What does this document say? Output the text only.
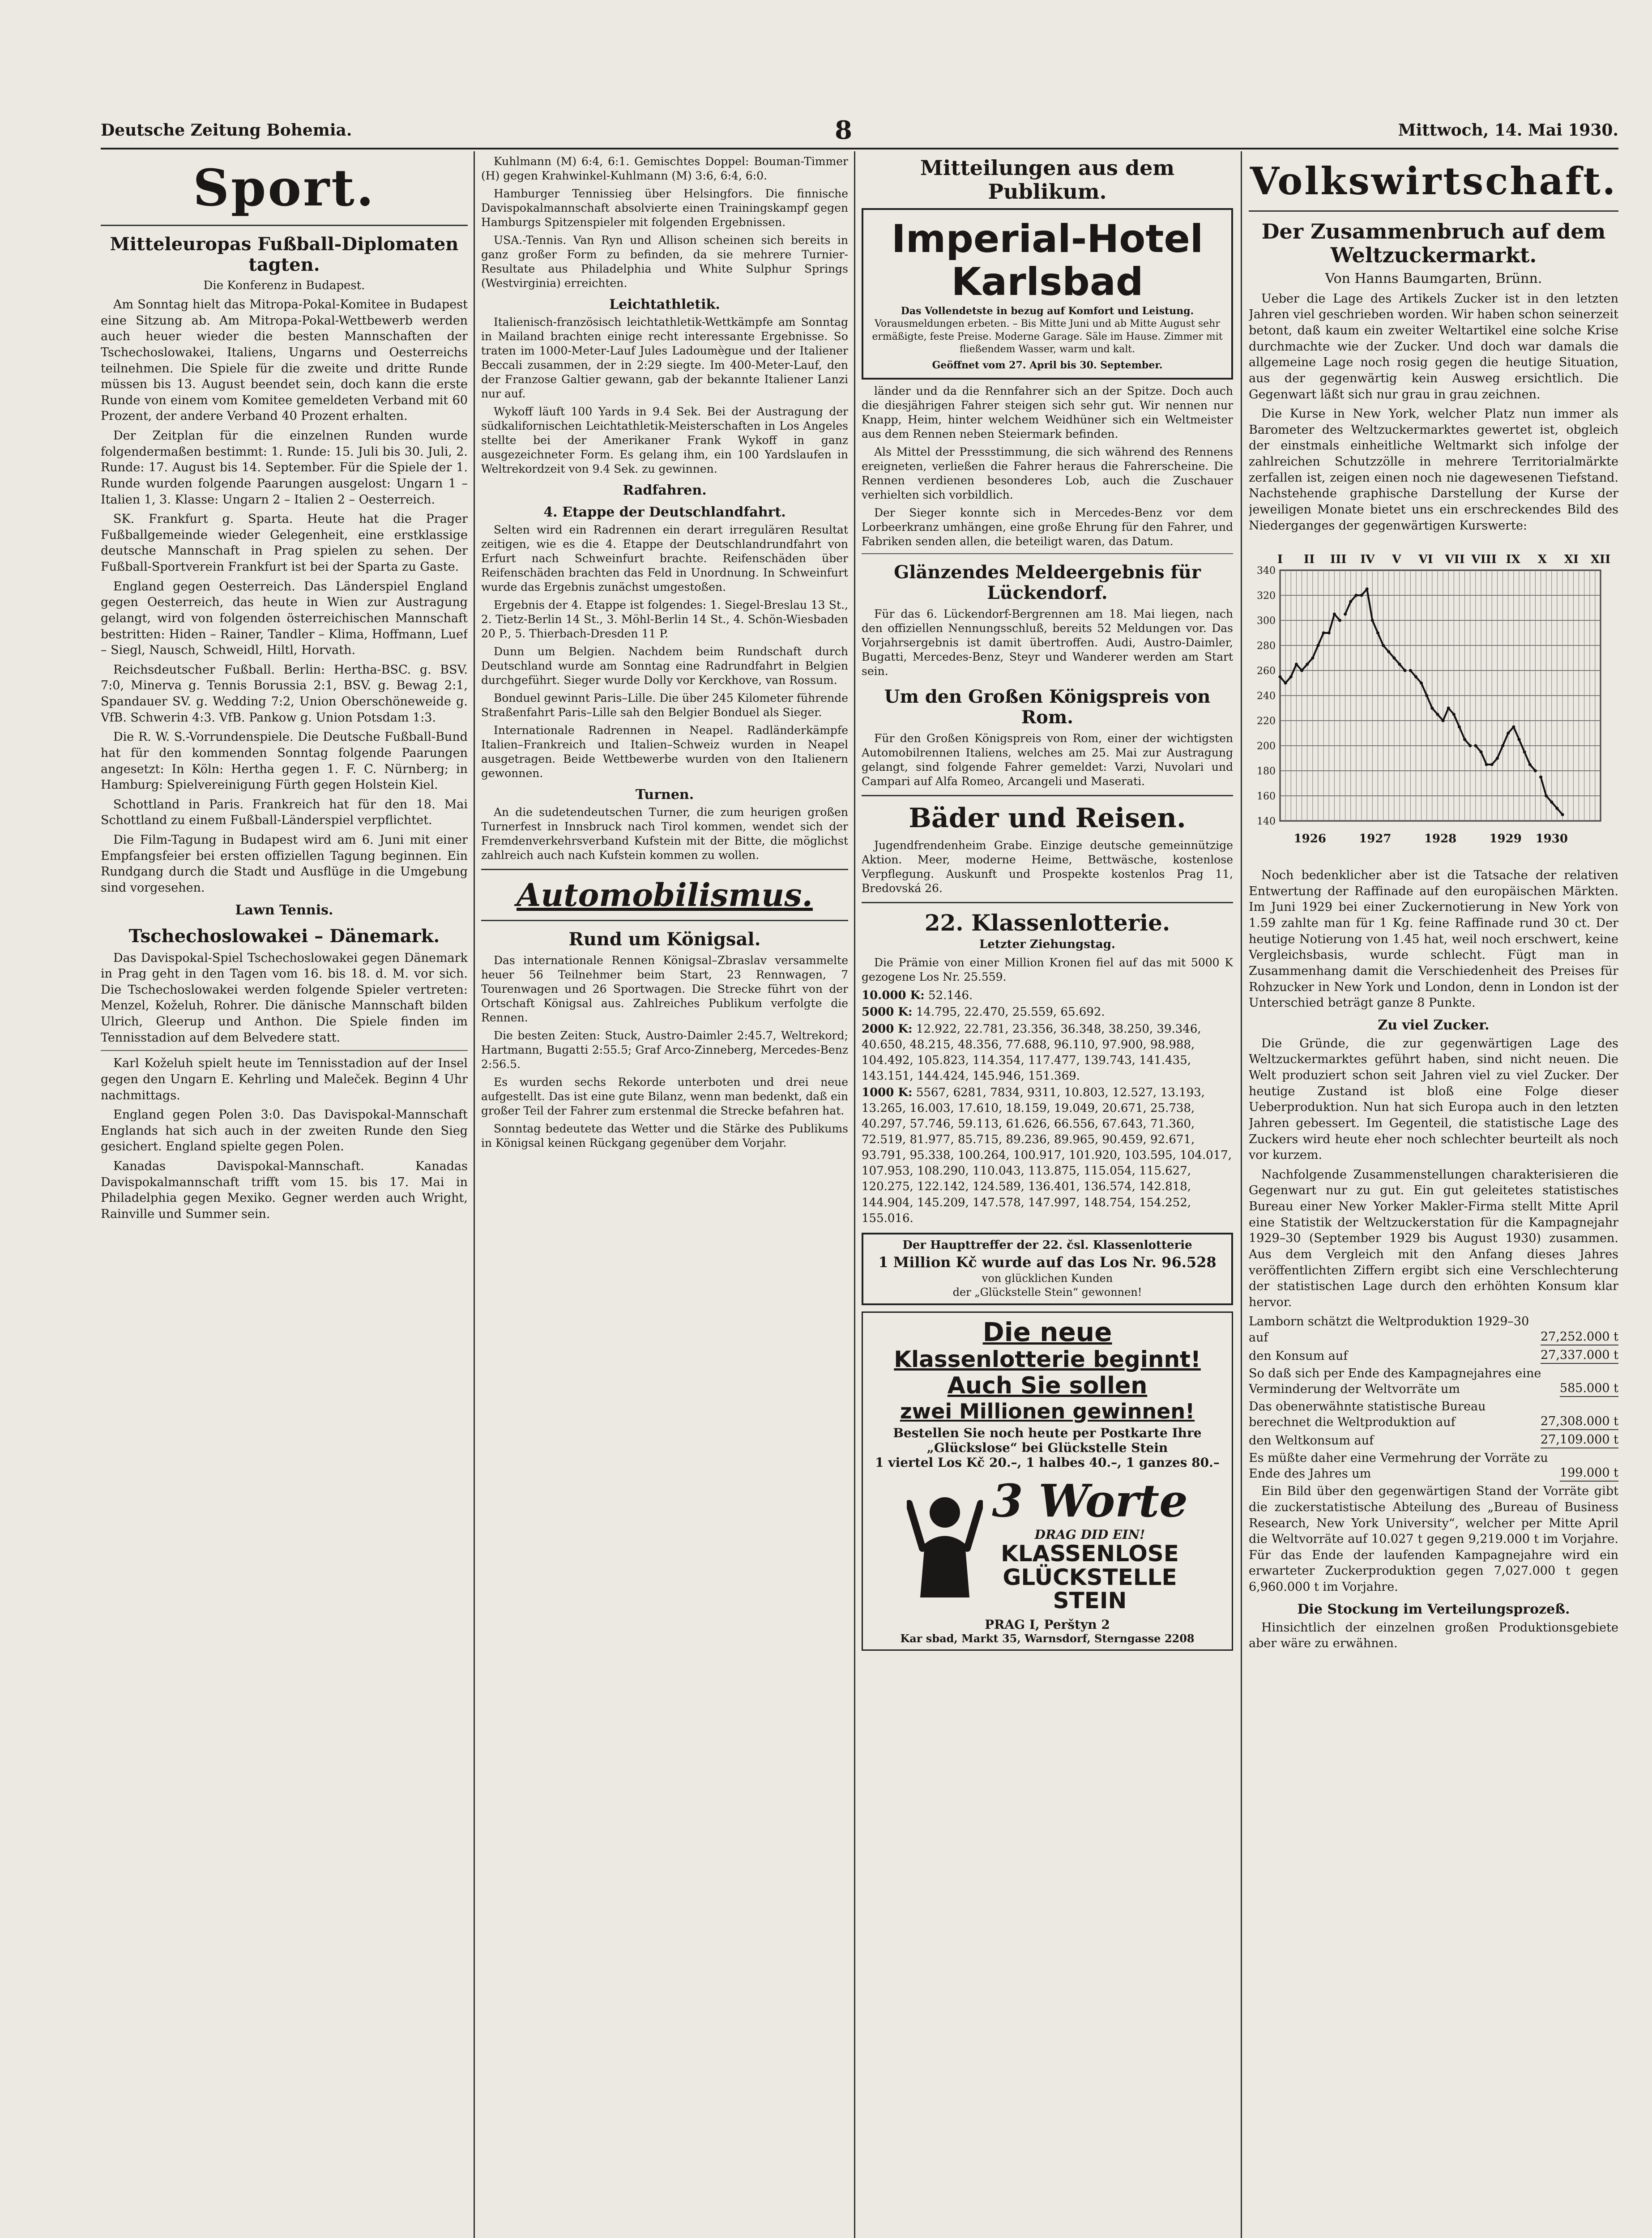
Deutsche Zeitung Bohemia.	8	Mittwoch, 14. Mai 1930.
Sport.
Mitteleuropas Fußball-Diplomaten tagten.
Die Konferenz in Budapest.

Am Sonntag hielt das Mitropa-Pokal-Komitee in Budapest eine Sitzung ab. Am Mitropa-Pokal-Wettbewerb werden auch heuer wieder die besten Mannschaften der Tschechoslowakei, Italiens, Ungarns und Oesterreichs teilnehmen. Die Spiele für die zweite und dritte Runde müssen bis 13. August beendet sein, doch kann die erste Runde von einem vom Komitee gemeldeten Verband mit 60 Prozent, der andere Verband 40 Prozent erhalten.

Der Zeitplan für die einzelnen Runden wurde folgendermaßen bestimmt: 1. Runde: 15. Juli bis 30. Juli, 2. Runde: 17. August bis 14. September. Für die Spiele der 1. Runde wurden folgende Paarungen ausgelost: Ungarn 1 – Italien 1, 3. Klasse: Ungarn 2 – Italien 2 – Oesterreich.

SK. Frankfurt g. Sparta. Heute hat die Prager Fußballgemeinde wieder Gelegenheit, eine erstklassige deutsche Mannschaft in Prag spielen zu sehen. Der Fußball-Sportverein Frankfurt ist bei der Sparta zu Gaste.

England gegen Oesterreich. Das Länderspiel England gegen Oesterreich, das heute in Wien zur Austragung gelangt, wird von folgenden österreichischen Mannschaft bestritten: Hiden – Rainer, Tandler – Klima, Hoffmann, Luef – Siegl, Nausch, Schweidl, Hiltl, Horvath.

Reichsdeutscher Fußball. Berlin: Hertha-BSC. g. BSV. 7:0, Minerva g. Tennis Borussia 2:1, BSV. g. Bewag 2:1, Spandauer SV. g. Wedding 7:2, Union Oberschöneweide g. VfB. Schwerin 4:3. VfB. Pankow g. Union Potsdam 1:3.

Die R. W. S.-Vorrundenspiele. Die Deutsche Fußball-Bund hat für den kommenden Sonntag folgende Paarungen angesetzt: In Köln: Hertha gegen 1. F. C. Nürnberg; in Hamburg: Spielvereinigung Fürth gegen Holstein Kiel.

Schottland in Paris. Frankreich hat für den 18. Mai Schottland zu einem Fußball-Länderspiel verpflichtet.

Die Film-Tagung in Budapest wird am 6. Juni mit einer Empfangsfeier bei ersten offiziellen Tagung beginnen. Ein Rundgang durch die Stadt und Ausflüge in die Umgebung sind vorgesehen.

Lawn Tennis.
Tschechoslowakei – Dänemark.

Das Davispokal-Spiel Tschechoslowakei gegen Dänemark in Prag geht in den Tagen vom 16. bis 18. d. M. vor sich. Die Tschechoslowakei werden folgende Spieler vertreten: Menzel, Koželuh, Rohrer. Die dänische Mannschaft bilden Ulrich, Gleerup und Anthon. Die Spiele finden im Tennisstadion auf dem Belvedere statt.

Karl Koželuh spielt heute im Tennisstadion auf der Insel gegen den Ungarn E. Kehrling und Maleček. Beginn 4 Uhr nachmittags.

England gegen Polen 3:0. Das Davispokal-Mannschaft Englands hat sich auch in der zweiten Runde den Sieg gesichert. England spielte gegen Polen.

Kanadas Davispokal-Mannschaft. Kanadas Davispokalmannschaft trifft vom 15. bis 17. Mai in Philadelphia gegen Mexiko. Gegner werden auch Wright, Rainville und Summer sein.

Kuhlmann (M) 6:4, 6:1. Gemischtes Doppel: Bouman-Timmer (H) gegen Krahwinkel-Kuhlmann (M) 3:6, 6:4, 6:0.

Hamburger Tennissieg über Helsingfors. Die finnische Davispokalmannschaft absolvierte einen Trainingskampf gegen Hamburgs Spitzenspieler mit folgenden Ergebnissen.

USA.-Tennis. Van Ryn und Allison scheinen sich bereits in ganz großer Form zu befinden, da sie mehrere Turnier-Resultate aus Philadelphia und White Sulphur Springs (Westvirginia) erreichten.

Leichtathletik.

Italienisch-französisch leichtathletik-Wettkämpfe am Sonntag in Mailand brachten einige recht interessante Ergebnisse. So traten im 1000-Meter-Lauf Jules Ladoumègue und der Italiener Beccali zusammen, der in 2:29 siegte. Im 400-Meter-Lauf, den der Franzose Galtier gewann, gab der bekannte Italiener Lanzi nur auf.

Wykoff läuft 100 Yards in 9.4 Sek. Bei der Austragung der südkalifornischen Leichtathletik-Meisterschaften in Los Angeles stellte bei der Amerikaner Frank Wykoff in ganz ausgezeichneter Form. Es gelang ihm, ein 100 Yardslaufen in Weltrekordzeit von 9.4 Sek. zu gewinnen.

Radfahren.
4. Etappe der Deutschlandfahrt.

Selten wird ein Radrennen ein derart irregulären Resultat zeitigen, wie es die 4. Etappe der Deutschlandrundfahrt von Erfurt nach Schweinfurt brachte. Reifenschäden über Reifenschäden brachten das Feld in Unordnung. In Schweinfurt wurde das Ergebnis zunächst umgestoßen.

Ergebnis der 4. Etappe ist folgendes: 1. Siegel-Breslau 13 St., 2. Tietz-Berlin 14 St., 3. Möhl-Berlin 14 St., 4. Schön-Wiesbaden 20 P., 5. Thierbach-Dresden 11 P.

Dunn um Belgien. Nachdem beim Rundschaft durch Deutschland wurde am Sonntag eine Radrundfahrt in Belgien durchgeführt. Sieger wurde Dolly vor Kerckhove, van Rossum.

Bonduel gewinnt Paris–Lille. Die über 245 Kilometer führende Straßenfahrt Paris–Lille sah den Belgier Bonduel als Sieger.

Internationale Radrennen in Neapel. Radländerkämpfe Italien–Frankreich und Italien–Schweiz wurden in Neapel ausgetragen. Beide Wettbewerbe wurden von den Italienern gewonnen.

Turnen.

An die sudetendeutschen Turner, die zum heurigen großen Turnerfest in Innsbruck nach Tirol kommen, wendet sich der Fremdenverkehrsverband Kufstein mit der Bitte, die möglichst zahlreich auch nach Kufstein kommen zu wollen.

Automobilismus.
Rund um Königsal.

Das internationale Rennen Königsal–Zbraslav versammelte heuer 56 Teilnehmer beim Start, 23 Rennwagen, 7 Tourenwagen und 26 Sportwagen. Die Strecke führt von der Ortschaft Königsal aus. Zahlreiches Publikum verfolgte die Rennen.

Die besten Zeiten: Stuck, Austro-Daimler 2:45.7, Weltrekord; Hartmann, Bugatti 2:55.5; Graf Arco-Zinneberg, Mercedes-Benz 2:56.5.

Es wurden sechs Rekorde unterboten und drei neue aufgestellt. Das ist eine gute Bilanz, wenn man bedenkt, daß ein großer Teil der Fahrer zum erstenmal die Strecke befahren hat.

Sonntag bedeutete das Wetter und die Stärke des Publikums in Königsal keinen Rückgang gegenüber dem Vorjahr.

Mitteilungen aus dem Publikum.
Imperial-Hotel
Karlsbad
Das Vollendetste in bezug auf Komfort und Leistung.
Vorausmeldungen erbeten. – Bis Mitte Juni und ab Mitte August sehr ermäßigte, feste Preise. Moderne Garage. Säle im Hause. Zimmer mit fließendem Wasser, warm und kalt.
Geöffnet vom 27. April bis 30. September.

länder und da die Rennfahrer sich an der Spitze. Doch auch die diesjährigen Fahrer steigen sich sehr gut. Wir nennen nur Knapp, Heim, hinter welchem Weidhüner sich ein Weltmeister aus dem Rennen neben Steiermark befinden.

Als Mittel der Pressstimmung, die sich während des Rennens ereigneten, verließen die Fahrer heraus die Fahrerscheine. Die Rennen verdienen besonderes Lob, auch die Zuschauer verhielten sich vorbildlich.

Der Sieger konnte sich in Mercedes-Benz vor dem Lorbeerkranz umhängen, eine große Ehrung für den Fahrer, und Fabriken senden allen, die beteiligt waren, das Datum.

Glänzendes Meldeergebnis für Lückendorf.

Für das 6. Lückendorf-Bergrennen am 18. Mai liegen, nach den offiziellen Nennungsschluß, bereits 52 Meldungen vor. Das Vorjahrsergebnis ist damit übertroffen. Audi, Austro-Daimler, Bugatti, Mercedes-Benz, Steyr und Wanderer werden am Start sein.

Um den Großen Königspreis von Rom.

Für den Großen Königspreis von Rom, einer der wichtigsten Automobilrennen Italiens, welches am 25. Mai zur Austragung gelangt, sind folgende Fahrer gemeldet: Varzi, Nuvolari und Campari auf Alfa Romeo, Arcangeli und Maserati.

Bäder und Reisen.

Jugendfrendenheim Grabe. Einzige deutsche gemeinnützige Aktion. Meer, moderne Heime, Bettwäsche, kostenlose Verpflegung. Auskunft und Prospekte kostenlos Prag 11, Bredovská 26.

22. Klassenlotterie.
Letzter Ziehungstag.

Die Prämie von einer Million Kronen fiel auf das mit 5000 K gezogene Los Nr. 25.559.

10.000 K: 52.146.
5000 K: 14.795, 22.470, 25.559, 65.692.
2000 K: 12.922, 22.781, 23.356, 36.348, 38.250, 39.346, 40.650, 48.215, 48.356, 77.688, 96.110, 97.900, 98.988, 104.492, 105.823, 114.354, 117.477, 139.743, 141.435, 143.151, 144.424, 145.946, 151.369.
1000 K: 5567, 6281, 7834, 9311, 10.803, 12.527, 13.193, 13.265, 16.003, 17.610, 18.159, 19.049, 20.671, 25.738, 40.297, 57.746, 59.113, 61.626, 66.556, 67.643, 71.360, 72.519, 81.977, 85.715, 89.236, 89.965, 90.459, 92.671, 93.791, 95.338, 100.264, 100.917, 101.920, 103.595, 104.017, 107.953, 108.290, 110.043, 113.875, 115.054, 115.627, 120.275, 122.142, 124.589, 136.401, 136.574, 142.818, 144.904, 145.209, 147.578, 147.997, 148.754, 154.252, 155.016.
Der Haupttreffer der 22. čsl. Klassenlotterie
1 Million Kč wurde auf das Los Nr. 96.528
von glücklichen Kunden
der „Glückstelle Stein“ gewonnen!
Die neue
Klassenlotterie beginnt!
Auch Sie sollen
zwei Millionen gewinnen!
Bestellen Sie noch heute per Postkarte Ihre „Glückslose“ bei Glückstelle Stein
1 viertel Los Kč 20.–, 1 halbes 40.–, 1 ganzes 80.–
3 Worte
DRAG DID EIN!
KLASSENLOSE
GLÜCKSTELLE
STEIN
PRAG I, Perštyn 2
Kar sbad, Markt 35, Warnsdorf, Sterngasse 2208
Volkswirtschaft.
Der Zusammenbruch auf dem Weltzuckermarkt.
Von Hanns Baumgarten, Brünn.

Ueber die Lage des Artikels Zucker ist in den letzten Jahren viel geschrieben worden. Wir haben schon seinerzeit betont, daß kaum ein zweiter Weltartikel eine solche Krise durchmachte wie der Zucker. Und doch war damals die allgemeine Lage noch rosig gegen die heutige Situation, aus der gegenwärtig kein Ausweg ersichtlich. Die Gegenwart läßt sich nur grau in grau zeichnen.

Die Kurse in New York, welcher Platz nun immer als Barometer des Weltzuckermarktes gewertet ist, obgleich der einstmals einheitliche Weltmarkt sich infolge der zahlreichen Schutzzölle in mehrere Territorialmärkte zerfallen ist, zeigen einen noch nie dagewesenen Tiefstand. Nachstehende graphische Darstellung der Kurse der jeweiligen Monate bietet uns ein erschreckendes Bild des Niederganges der gegenwärtigen Kurswerte:

340
320
300
280
260
240
220
200
180
160
140
I II III IV V VI VII VIII IX X XI XII
1926	1927	1928	1929 1930

Noch bedenklicher aber ist die Tatsache der relativen Entwertung der Raffinade auf den europäischen Märkten. Im Juni 1929 bei einer Zuckernotierung in New York von 1.59 zahlte man für 1 Kg. feine Raffinade rund 30 ct. Der heutige Notierung von 1.45 hat, weil noch erschwert, keine Vergleichsbasis, wurde schlecht. Fügt man in Zusammenhang damit die Verschiedenheit des Preises für Rohzucker in New York und London, denn in London ist der Unterschied beträgt ganze 8 Punkte.

Zu viel Zucker.

Die Gründe, die zur gegenwärtigen Lage des Weltzuckermarktes geführt haben, sind nicht neuen. Die Welt produziert schon seit Jahren viel zu viel Zucker. Der heutige Zustand ist bloß eine Folge dieser Ueberproduktion. Nun hat sich Europa auch in den letzten Jahren gebessert. Im Gegenteil, die statistische Lage des Zuckers wird heute eher noch schlechter beurteilt als noch vor kurzem.

Nachfolgende Zusammenstellungen charakterisieren die Gegenwart nur zu gut. Ein gut geleitetes statistisches Bureau einer New Yorker Makler-Firma stellt Mitte April eine Statistik der Weltzuckerstation für die Kampagnejahr 1929–30 (September 1929 bis August 1930) zusammen. Aus dem Vergleich mit den Anfang dieses Jahres veröffentlichten Ziffern ergibt sich eine Verschlechterung der statistischen Lage durch den erhöhten Konsum klar hervor.

Lamborn schätzt die Weltproduktion 1929–30 auf	27,252.000 t
den Konsum auf	27,337.000 t
So daß sich per Ende des Kampagnejahres eine Verminderung der Weltvorräte um	585.000 t
Das obenerwähnte statistische Bureau berechnet die Weltproduktion auf	27,308.000 t
den Weltkonsum auf	27,109.000 t
Es müßte daher eine Vermehrung der Vorräte zu Ende des Jahres um	199.000 t

Ein Bild über den gegenwärtigen Stand der Vorräte gibt die zuckerstatistische Abteilung des „Bureau of Business Research, New York University“, welcher per Mitte April die Weltvorräte auf 10.027 t gegen 9,219.000 t im Vorjahre. Für das Ende der laufenden Kampagnejahre wird ein erwarteter Zuckerproduktion gegen 7,027.000 t gegen 6,960.000 t im Vorjahre.

Die Stockung im Verteilungsprozeß.

Hinsichtlich der einzelnen großen Produktionsgebiete aber wäre zu erwähnen.
